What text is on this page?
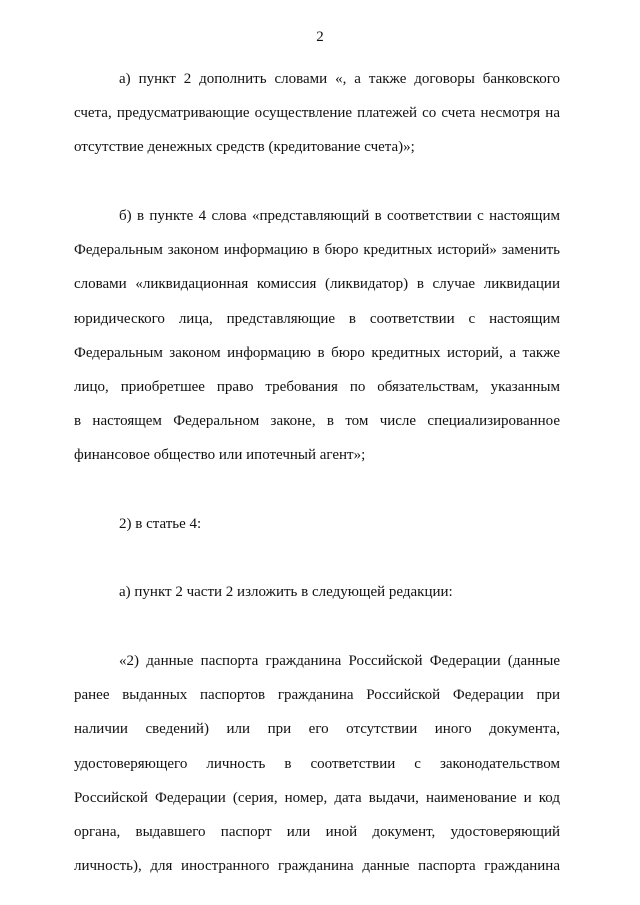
2
а) пункт 2 дополнить словами «, а также договоры банковского
счета, предусматривающие осуществление платежей со счета несмотря на
отсутствие денежных средств (кредитование счета)»;
б) в пункте 4 слова «представляющий в соответствии с настоящим
Федеральным законом информацию в бюро кредитных историй» заменить
словами «ликвидационная комиссия (ликвидатор) в случае ликвидации
юридического лица, представляющие в соответствии с настоящим
Федеральным законом информацию в бюро кредитных историй, а также
лицо, приобретшее право требования по обязательствам, указанным
в настоящем Федеральном законе, в том числе специализированное
финансовое общество или ипотечный агент»;
2) в статье 4:
а) пункт 2 части 2 изложить в следующей редакции:
«2) данные паспорта гражданина Российской Федерации (данные
ранее выданных паспортов гражданина Российской Федерации при
наличии сведений) или при его отсутствии иного документа,
удостоверяющего личность в соответствии с законодательством
Российской Федерации (серия, номер, дата выдачи, наименование и код
органа, выдавшего паспорт или иной документ, удостоверяющий
личность), для иностранного гражданина данные паспорта гражданина
